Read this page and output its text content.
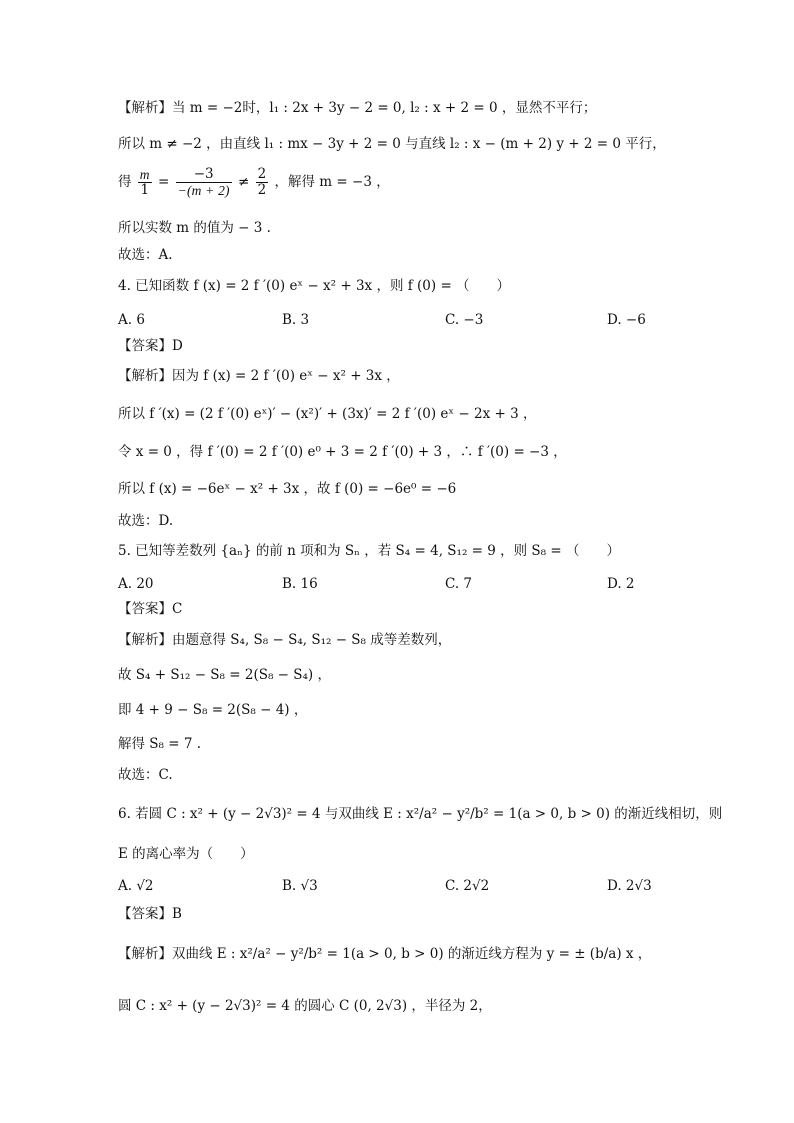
【解析】当 m = −2时，l₁ : 2x + 3y − 2 = 0, l₂ : x + 2 = 0 ，显然不平行；
所以 m ≠ −2 ，由直线 l₁ : mx − 3y + 2 = 0 与直线 l₂ : x − (m + 2) y + 2 = 0 平行，
得 $\frac{m}{1} = \frac{-3}{-(m + 2)} \ne \frac{2}{2}$ ，解得 m = −3 ，
所以实数 m 的值为 − 3 .
故选：A.
4. 已知函数 f (x) = 2 f ′(0) eˣ − x² + 3x ，则 f (0) = （　　）
A. 6	B. 3	C. −3	D. −6
【答案】D
【解析】因为 f (x) = 2 f ′(0) eˣ − x² + 3x ，
所以 f ′(x) = (2 f ′(0) eˣ)′ − (x²)′ + (3x)′ = 2 f ′(0) eˣ − 2x + 3 ，
令 x = 0 ，得 f ′(0) = 2 f ′(0) e⁰ + 3 = 2 f ′(0) + 3 ，∴ f ′(0) = −3 ，
所以 f (x) = −6eˣ − x² + 3x ，故 f (0) = −6e⁰ = −6
故选：D.
5. 已知等差数列 {aₙ} 的前 n 项和为 Sₙ ，若 S₄ = 4, S₁₂ = 9 ，则 S₈ = （　　）
A. 20	B. 16	C. 7	D. 2
【答案】C
【解析】由题意得 S₄, S₈ − S₄, S₁₂ − S₈ 成等差数列，
故 S₄ + S₁₂ − S₈ = 2(S₈ − S₄) ，
即 4 + 9 − S₈ = 2(S₈ − 4) ，
解得 S₈ = 7 .
故选：C.
6. 若圆 C : x² + (y − 2√3)² = 4 与双曲线 E : x²/a² − y²/b² = 1(a > 0, b > 0) 的渐近线相切，则
E 的离心率为（　　）
A. √2	B. √3	C. 2√2	D. 2√3
【答案】B
【解析】双曲线 E : x²/a² − y²/b² = 1(a > 0, b > 0) 的渐近线方程为 y = ± (b/a) x ，
圆 C : x² + (y − 2√3)² = 4 的圆心 C (0, 2√3) ，半径为 2，
